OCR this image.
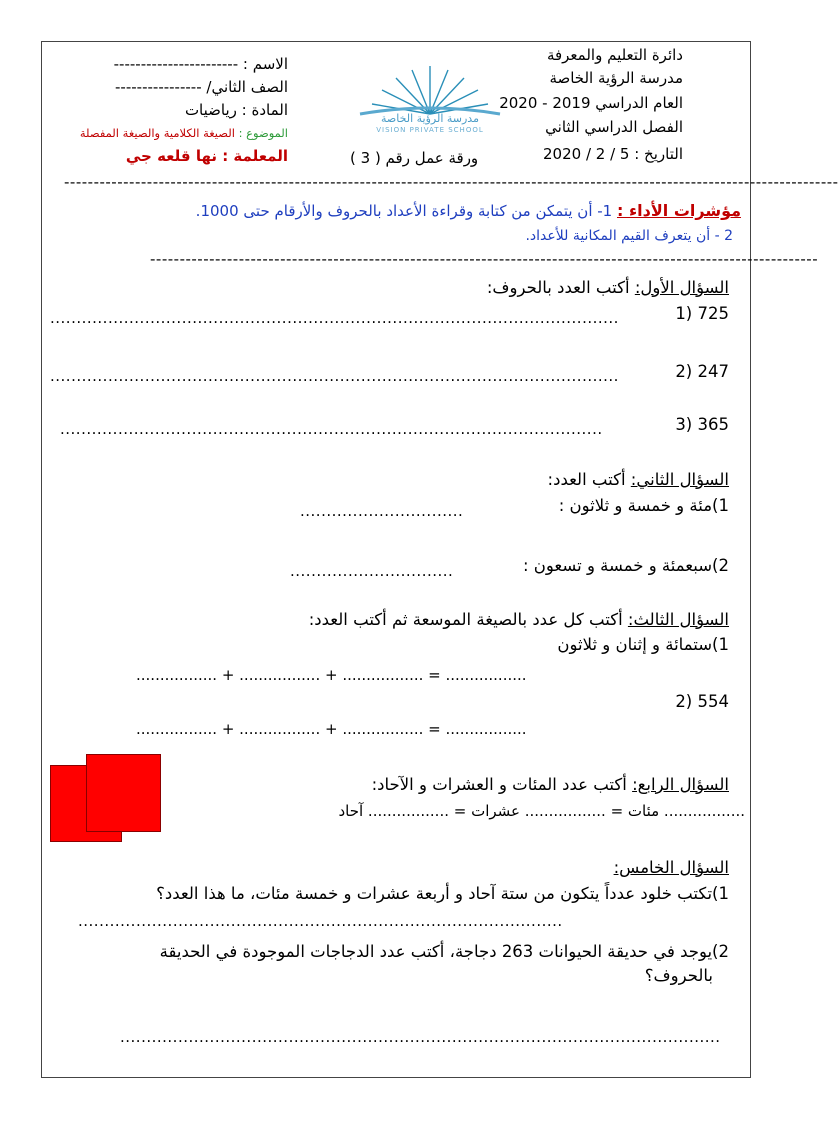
دائرة التعليم والمعرفة
مدرسة الرؤية الخاصة
العام الدراسي 2019 - 2020
الفصل الدراسي الثاني
التاريخ : 5 / 2 / 2020
مدرسة الرؤية الخاصة
VISION PRIVATE SCHOOL
الاسم : -----------------------
الصف الثاني/ ----------------
المادة : رياضيات
الموضوع : الصيغة الكلامية والصيغة المفصلة
المعلمة : نها قلعه جي	ورقة عمل رقم ( 3 )
-----------------------------------------------------------------------------------------------------------------------------------
مؤشرات الأداء : 1- أن يتمكن من كتابة وقراءة الأعداد بالحروف والأرقام حتى 1000.
2 - أن يتعرف القيم المكانية للأعداد.
-----------------------------------------------------------------------------------------------------------------
السؤال الأول: أكتب العدد بالحروف:
1) 725
............................................................................................................
2) 247
............................................................................................................
3) 365
.......................................................................................................
السؤال الثاني: أكتب العدد:
1)مئة و خمسة و ثلاثون :
...............................
2)سبعمئة و خمسة و تسعون :
...............................
السؤال الثالث: أكتب كل عدد بالصيغة الموسعة ثم أكتب العدد:
1)ستمائة و إثنان و ثلاثون
................. + ................. + ................. = .................
2) 554
................. + ................. + ................. = .................
السؤال الرابع: أكتب عدد المئات و العشرات و الآحاد:
................. مئات = ................. عشرات = ................. آحاد
السؤال الخامس:
1)تكتب خلود عدداً يتكون من ستة آحاد و أربعة عشرات و خمسة مئات، ما هذا العدد؟
............................................................................................
2)يوجد في حديقة الحيوانات 263 دجاجة، أكتب عدد الدجاجات الموجودة في الحديقة
بالحروف؟
..................................................................................................................
